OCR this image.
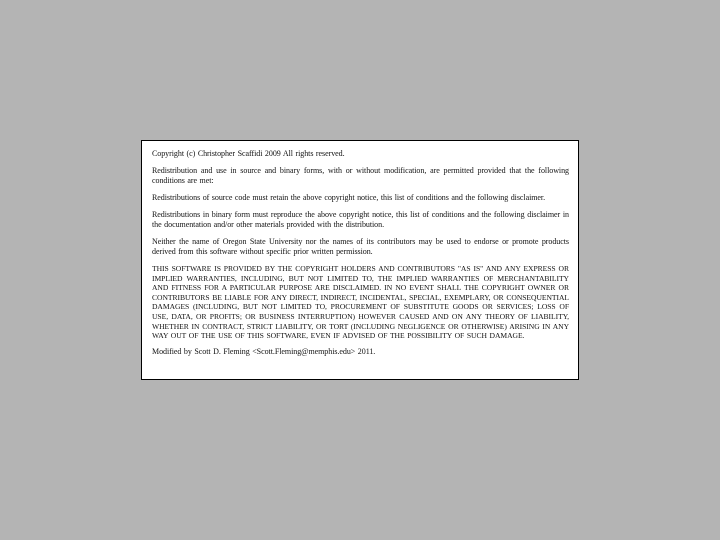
Copyright (c) Christopher Scaffidi 2009 All rights reserved.

Redistribution and use in source and binary forms, with or without modification, are permitted provided that the following conditions are met:

Redistributions of source code must retain the above copyright notice, this list of conditions and the following disclaimer.

Redistributions in binary form must reproduce the above copyright notice, this list of conditions and the following disclaimer in the documentation and/or other materials provided with the distribution.

Neither the name of Oregon State University nor the names of its contributors may be used to endorse or promote products derived from this software without specific prior written permission.

THIS SOFTWARE IS PROVIDED BY THE COPYRIGHT HOLDERS AND CONTRIBUTORS "AS IS" AND ANY EXPRESS OR IMPLIED WARRANTIES, INCLUDING, BUT NOT LIMITED TO, THE IMPLIED WARRANTIES OF MERCHANTABILITY AND FITNESS FOR A PARTICULAR PURPOSE ARE DISCLAIMED. IN NO EVENT SHALL THE COPYRIGHT OWNER OR CONTRIBUTORS BE LIABLE FOR ANY DIRECT, INDIRECT, INCIDENTAL, SPECIAL, EXEMPLARY, OR CONSEQUENTIAL DAMAGES (INCLUDING, BUT NOT LIMITED TO, PROCUREMENT OF SUBSTITUTE GOODS OR SERVICES; LOSS OF USE, DATA, OR PROFITS; OR BUSINESS INTERRUPTION) HOWEVER CAUSED AND ON ANY THEORY OF LIABILITY, WHETHER IN CONTRACT, STRICT LIABILITY, OR TORT (INCLUDING NEGLIGENCE OR OTHERWISE) ARISING IN ANY WAY OUT OF THE USE OF THIS SOFTWARE, EVEN IF ADVISED OF THE POSSIBILITY OF SUCH DAMAGE.

Modified by Scott D. Fleming <Scott.Fleming@memphis.edu> 2011.
